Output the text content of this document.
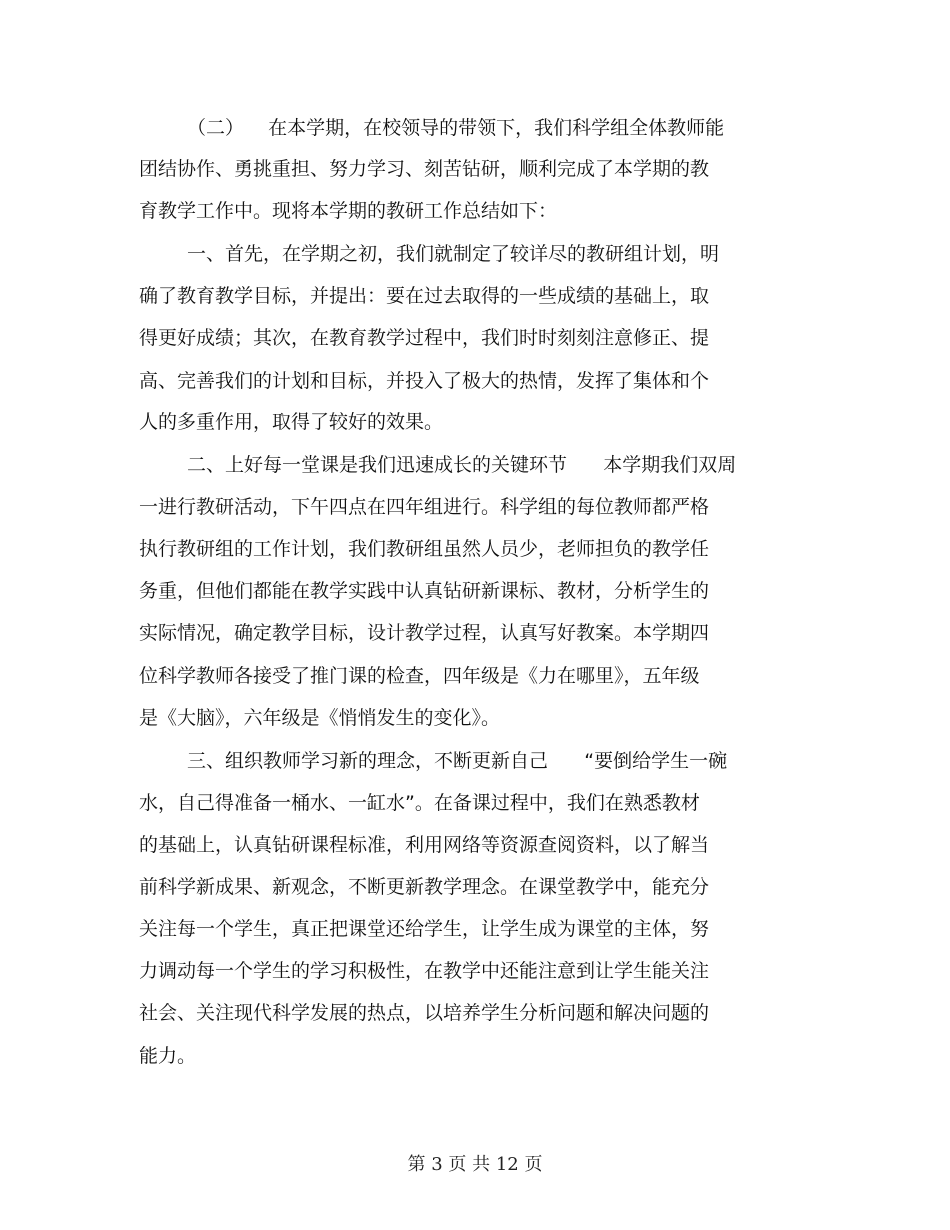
（二）    在本学期，在校领导的带领下，我们科学组全体教师能
团结协作、勇挑重担、努力学习、刻苦钻研，顺利完成了本学期的教
育教学工作中。现将本学期的教研工作总结如下：
一、首先，在学期之初，我们就制定了较详尽的教研组计划，明
确了教育教学目标，并提出：要在过去取得的一些成绩的基础上，取
得更好成绩；其次，在教育教学过程中，我们时时刻刻注意修正、提
高、完善我们的计划和目标，并投入了极大的热情，发挥了集体和个
人的多重作用，取得了较好的效果。
二、上好每一堂课是我们迅速成长的关键环节      本学期我们双周
一进行教研活动，下午四点在四年组进行。科学组的每位教师都严格
执行教研组的工作计划，我们教研组虽然人员少，老师担负的教学任
务重，但他们都能在教学实践中认真钻研新课标、教材，分析学生的
实际情况，确定教学目标，设计教学过程，认真写好教案。本学期四
位科学教师各接受了推门课的检查，四年级是《力在哪里》，五年级
是《大脑》，六年级是《悄悄发生的变化》。
三、组织教师学习新的理念，不断更新自己      “要倒给学生一碗
水，自己得准备一桶水、一缸水”。在备课过程中，我们在熟悉教材
的基础上，认真钻研课程标准，利用网络等资源查阅资料，以了解当
前科学新成果、新观念，不断更新教学理念。在课堂教学中，能充分
关注每一个学生，真正把课堂还给学生，让学生成为课堂的主体，努
力调动每一个学生的学习积极性，在教学中还能注意到让学生能关注
社会、关注现代科学发展的热点，以培养学生分析问题和解决问题的
能力。
第 3 页 共 12 页
